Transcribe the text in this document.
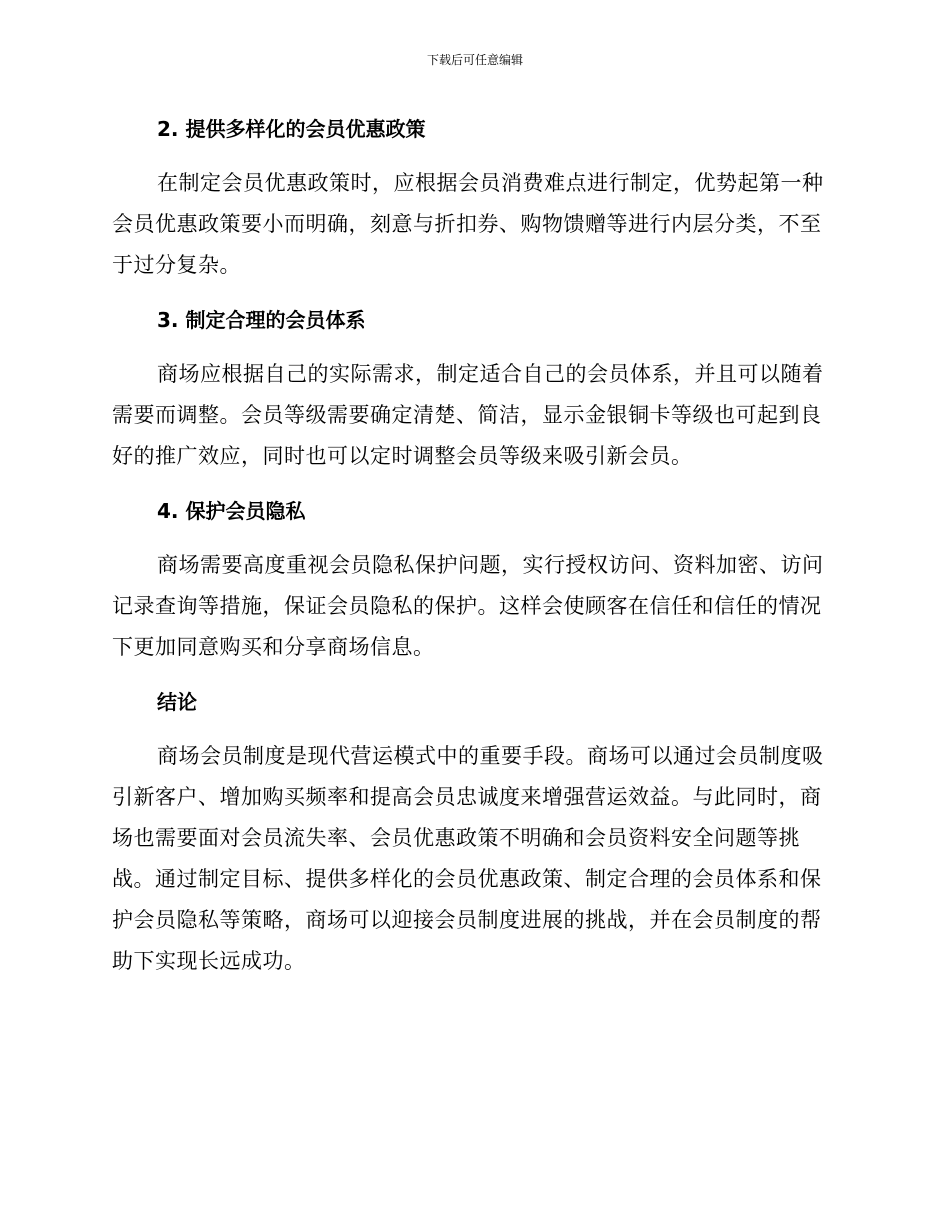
下载后可任意编辑
2. 提供多样化的会员优惠政策

在制定会员优惠政策时，应根据会员消费难点进行制定，优势起第一种
会员优惠政策要小而明确，刻意与折扣券、购物馈赠等进行内层分类，不至
于过分复杂。

3. 制定合理的会员体系

商场应根据自己的实际需求，制定适合自己的会员体系，并且可以随着
需要而调整。会员等级需要确定清楚、简洁，显示金银铜卡等级也可起到良
好的推广效应，同时也可以定时调整会员等级来吸引新会员。

4. 保护会员隐私

商场需要高度重视会员隐私保护问题，实行授权访问、资料加密、访问
记录查询等措施，保证会员隐私的保护。这样会使顾客在信任和信任的情况
下更加同意购买和分享商场信息。

结论

商场会员制度是现代营运模式中的重要手段。商场可以通过会员制度吸
引新客户、增加购买频率和提高会员忠诚度来增强营运效益。与此同时，商
场也需要面对会员流失率、会员优惠政策不明确和会员资料安全问题等挑
战。通过制定目标、提供多样化的会员优惠政策、制定合理的会员体系和保
护会员隐私等策略，商场可以迎接会员制度进展的挑战，并在会员制度的帮
助下实现长远成功。
